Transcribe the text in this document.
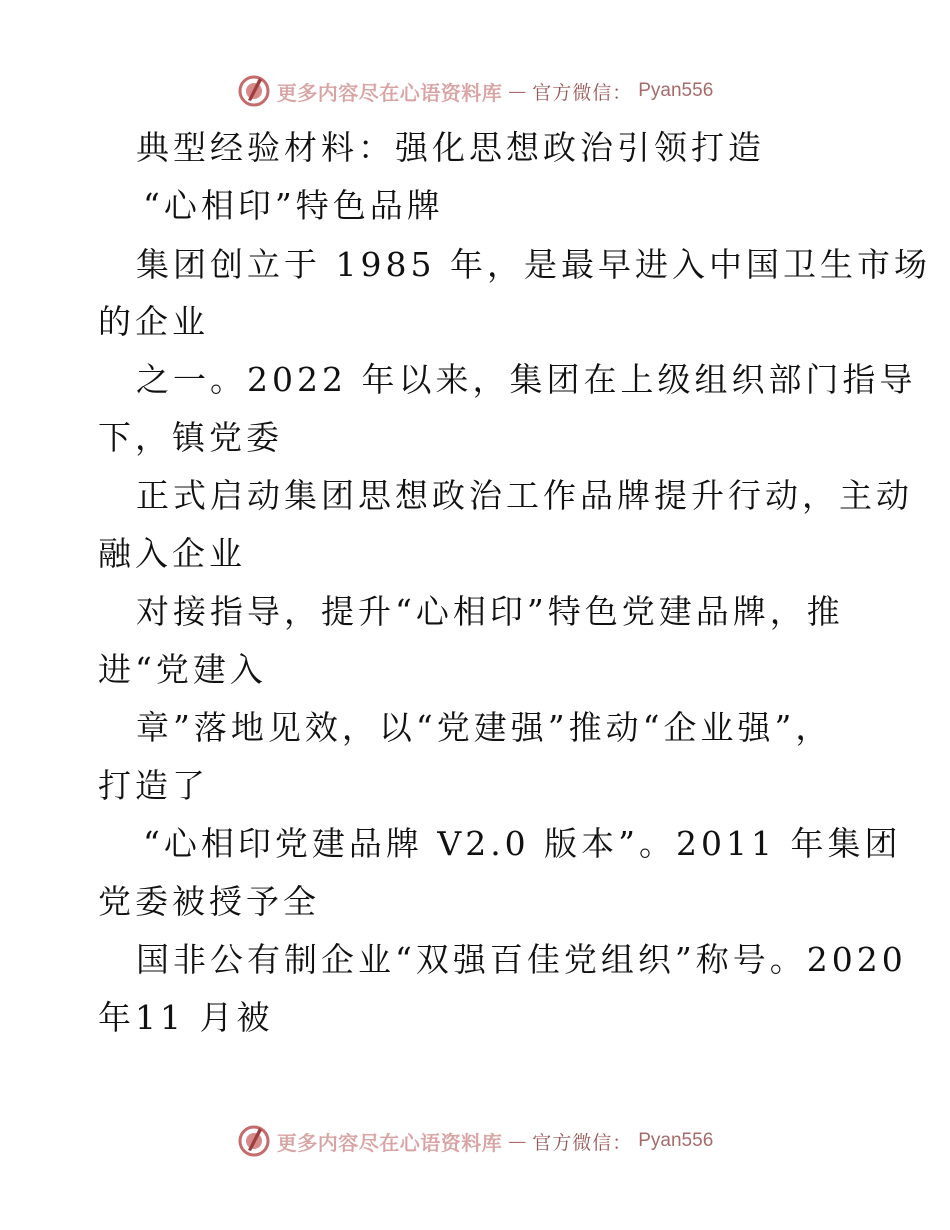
更多内容尽在心语资料库 — 官方微信： Pyan556
典型经验材料：强化思想政治引领打造
“心相印”特色品牌
集团创立于 1985 年，是最早进入中国卫生市场
的企业
之一。2022 年以来，集团在上级组织部门指导
下，镇党委
正式启动集团思想政治工作品牌提升行动，主动
融入企业
对接指导，提升“心相印”特色党建品牌，推
进“党建入
章”落地见效，以“党建强”推动“企业强”，
打造了
“心相印党建品牌 V2.0 版本”。2011 年集团
党委被授予全
国非公有制企业“双强百佳党组织”称号。2020
年11 月被
更多内容尽在心语资料库 — 官方微信： Pyan556
